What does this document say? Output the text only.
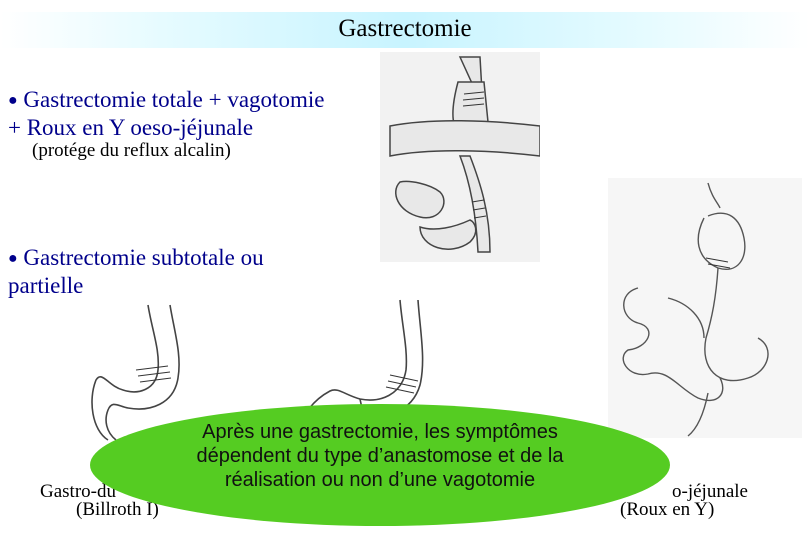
Gastrectomie
● Gastrectomie totale + vagotomie
+ Roux en Y oeso-jéjunale
(protége du reflux alcalin)
● Gastrectomie subtotale ou
partielle
Gastro-du
(Billroth I)
o-jéjunale
(Roux en Y)
Après une gastrectomie, les symptômes
dépendent du type d’anastomose et de la
réalisation ou non d’une vagotomie
